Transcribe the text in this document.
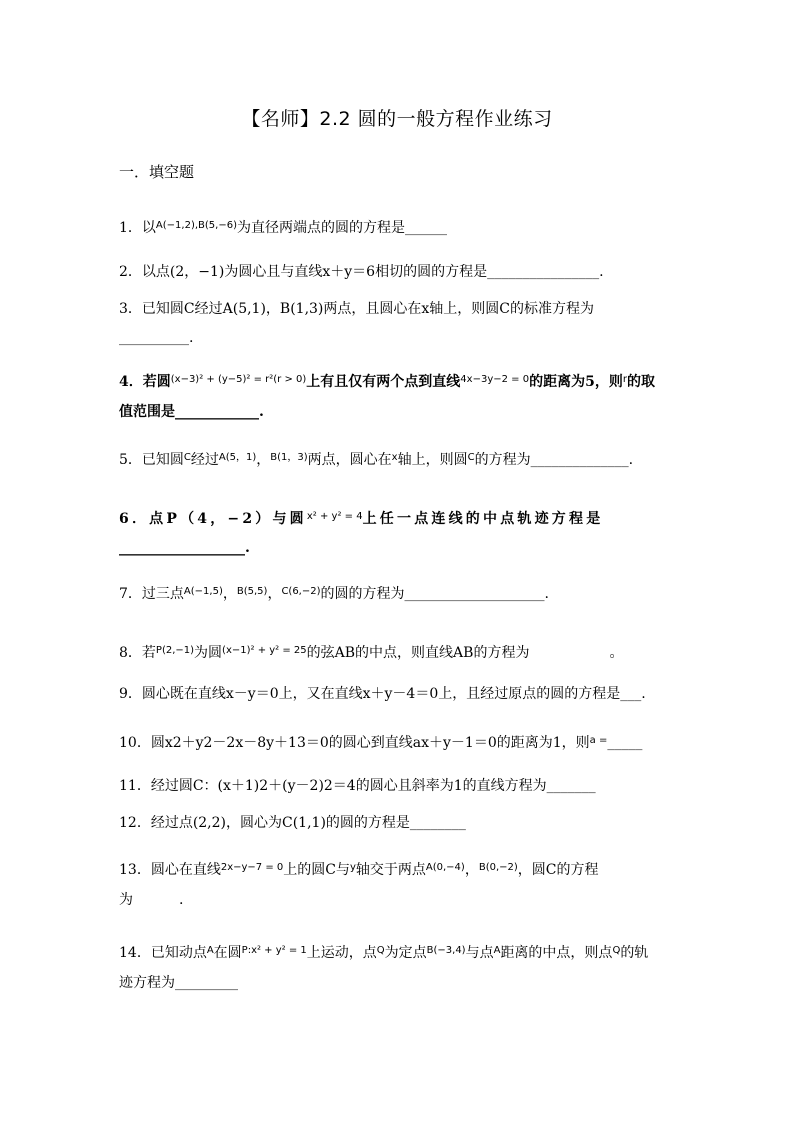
【名师】2.2 圆的一般方程作业练习
一．填空题
1．以$^{A(-1,2),B(5,-6)}$为直径两端点的圆的方程是______
2．以点(2，−1)为圆心且与直线x＋y＝6相切的圆的方程是________________.
3．已知圆C经过A(5,1)，B(1,3)两点，且圆心在x轴上，则圆C的标准方程为
__________.
4．若圆$^{(x-3)^2 + (y-5)^2 = r^2(r > 0)}$上有且仅有两个点到直线$^{4x-3y-2 = 0}$的距离为5，则$^r$的取
值范围是____________.
5．已知圆$^C$经过$^{A(5,1)}$，$^{B(1,3)}$两点，圆心在$^x$轴上，则圆$^C$的方程为______________.
6．点P（4，−2）与圆$^{x^2 + y^2 = 4}$上任一点连线的中点轨迹方程是
__________________.
7．过三点$^{A(-1,5)}$，$^{B(5,5)}$，$^{C(6,-2)}$的圆的方程为____________________.
8．若$^{P(2,-1)}$为圆$^{(x-1)^2 + y^2 = 25}$的弦AB的中点，则直线AB的方程为	。
9．圆心既在直线x－y＝0上，又在直线x＋y－4＝0上，且经过原点的圆的方程是___.
10．圆x2＋y2－2x－8y＋13＝0的圆心到直线ax＋y－1＝0的距离为1，则$^{a =}$_____
11．经过圆C：(x＋1)2＋(y－2)2＝4的圆心且斜率为1的直线方程为_______
12．经过点(2,2)，圆心为C(1,1)的圆的方程是________
13．圆心在直线$^{2x-y-7 = 0}$上的圆C与$^y$轴交于两点$^{A(0,-4)}$，$^{B(0,-2)}$，圆C的方程
为	.
14．已知动点$^A$在圆$^{P:x^2 + y^2 = 1}$上运动，点$^Q$为定点$^{B(-3,4)}$与点$^A$距离的中点，则点$^Q$的轨
迹方程为_________
